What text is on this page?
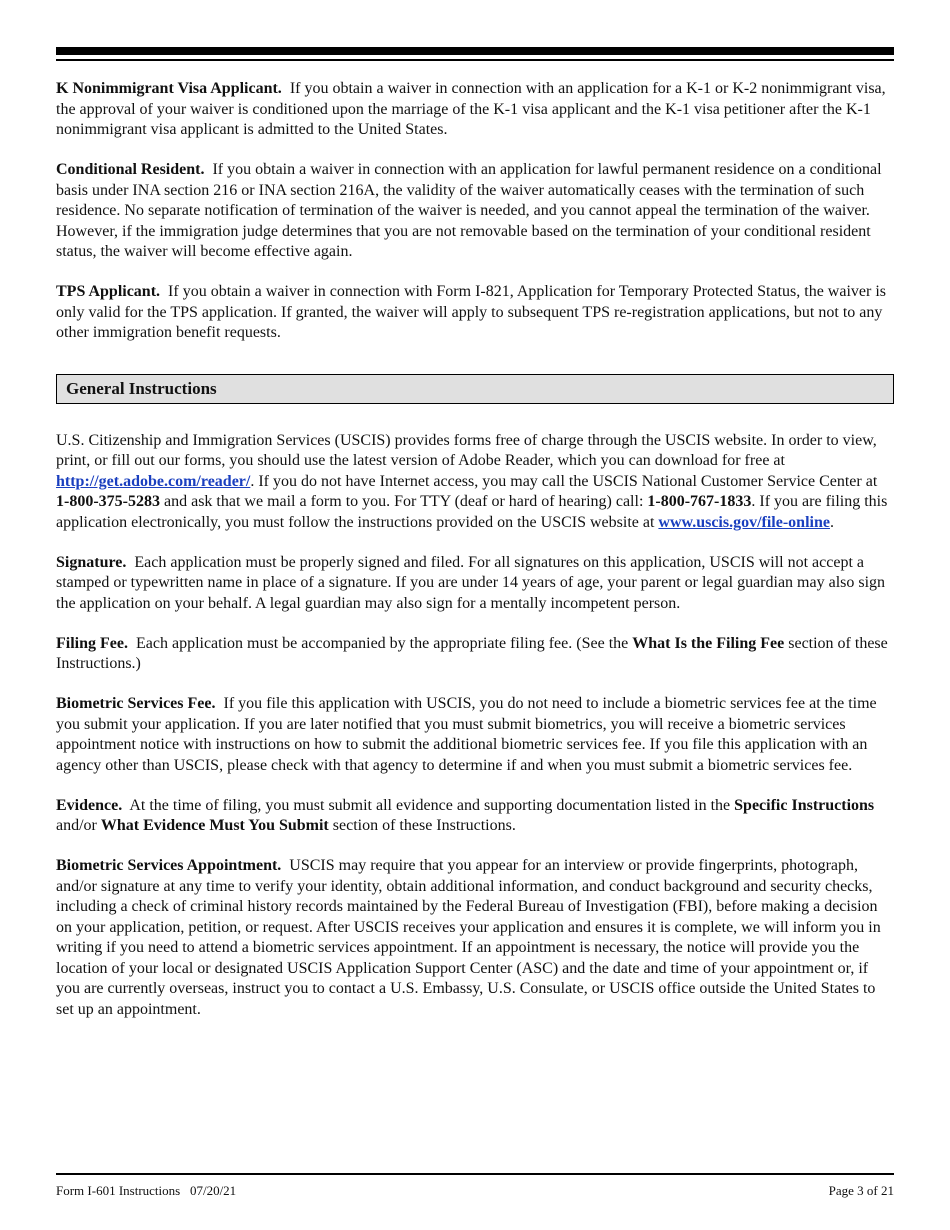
K Nonimmigrant Visa Applicant. If you obtain a waiver in connection with an application for a K-1 or K-2 nonimmigrant visa, the approval of your waiver is conditioned upon the marriage of the K-1 visa applicant and the K-1 visa petitioner after the K-1 nonimmigrant visa applicant is admitted to the United States.

Conditional Resident. If you obtain a waiver in connection with an application for lawful permanent residence on a conditional basis under INA section 216 or INA section 216A, the validity of the waiver automatically ceases with the termination of such residence. No separate notification of termination of the waiver is needed, and you cannot appeal the termination of the waiver. However, if the immigration judge determines that you are not removable based on the termination of your conditional resident status, the waiver will become effective again.

TPS Applicant. If you obtain a waiver in connection with Form I-821, Application for Temporary Protected Status, the waiver is only valid for the TPS application. If granted, the waiver will apply to subsequent TPS re-registration applications, but not to any other immigration benefit requests.

General Instructions

U.S. Citizenship and Immigration Services (USCIS) provides forms free of charge through the USCIS website. In order to view, print, or fill out our forms, you should use the latest version of Adobe Reader, which you can download for free at http://get.adobe.com/reader/. If you do not have Internet access, you may call the USCIS National Customer Service Center at 1-800-375-5283 and ask that we mail a form to you. For TTY (deaf or hard of hearing) call: 1-800-767-1833. If you are filing this application electronically, you must follow the instructions provided on the USCIS website at www.uscis.gov/file-online.

Signature. Each application must be properly signed and filed. For all signatures on this application, USCIS will not accept a stamped or typewritten name in place of a signature. If you are under 14 years of age, your parent or legal guardian may also sign the application on your behalf. A legal guardian may also sign for a mentally incompetent person.

Filing Fee. Each application must be accompanied by the appropriate filing fee. (See the What Is the Filing Fee section of these Instructions.)

Biometric Services Fee. If you file this application with USCIS, you do not need to include a biometric services fee at the time you submit your application. If you are later notified that you must submit biometrics, you will receive a biometric services appointment notice with instructions on how to submit the additional biometric services fee. If you file this application with an agency other than USCIS, please check with that agency to determine if and when you must submit a biometric services fee.

Evidence. At the time of filing, you must submit all evidence and supporting documentation listed in the Specific Instructions and/or What Evidence Must You Submit section of these Instructions.

Biometric Services Appointment. USCIS may require that you appear for an interview or provide fingerprints, photograph, and/or signature at any time to verify your identity, obtain additional information, and conduct background and security checks, including a check of criminal history records maintained by the Federal Bureau of Investigation (FBI), before making a decision on your application, petition, or request. After USCIS receives your application and ensures it is complete, we will inform you in writing if you need to attend a biometric services appointment. If an appointment is necessary, the notice will provide you the location of your local or designated USCIS Application Support Center (ASC) and the date and time of your appointment or, if you are currently overseas, instruct you to contact a U.S. Embassy, U.S. Consulate, or USCIS office outside the United States to set up an appointment.

Form I-601 Instructions   07/20/21	Page 3 of 21
